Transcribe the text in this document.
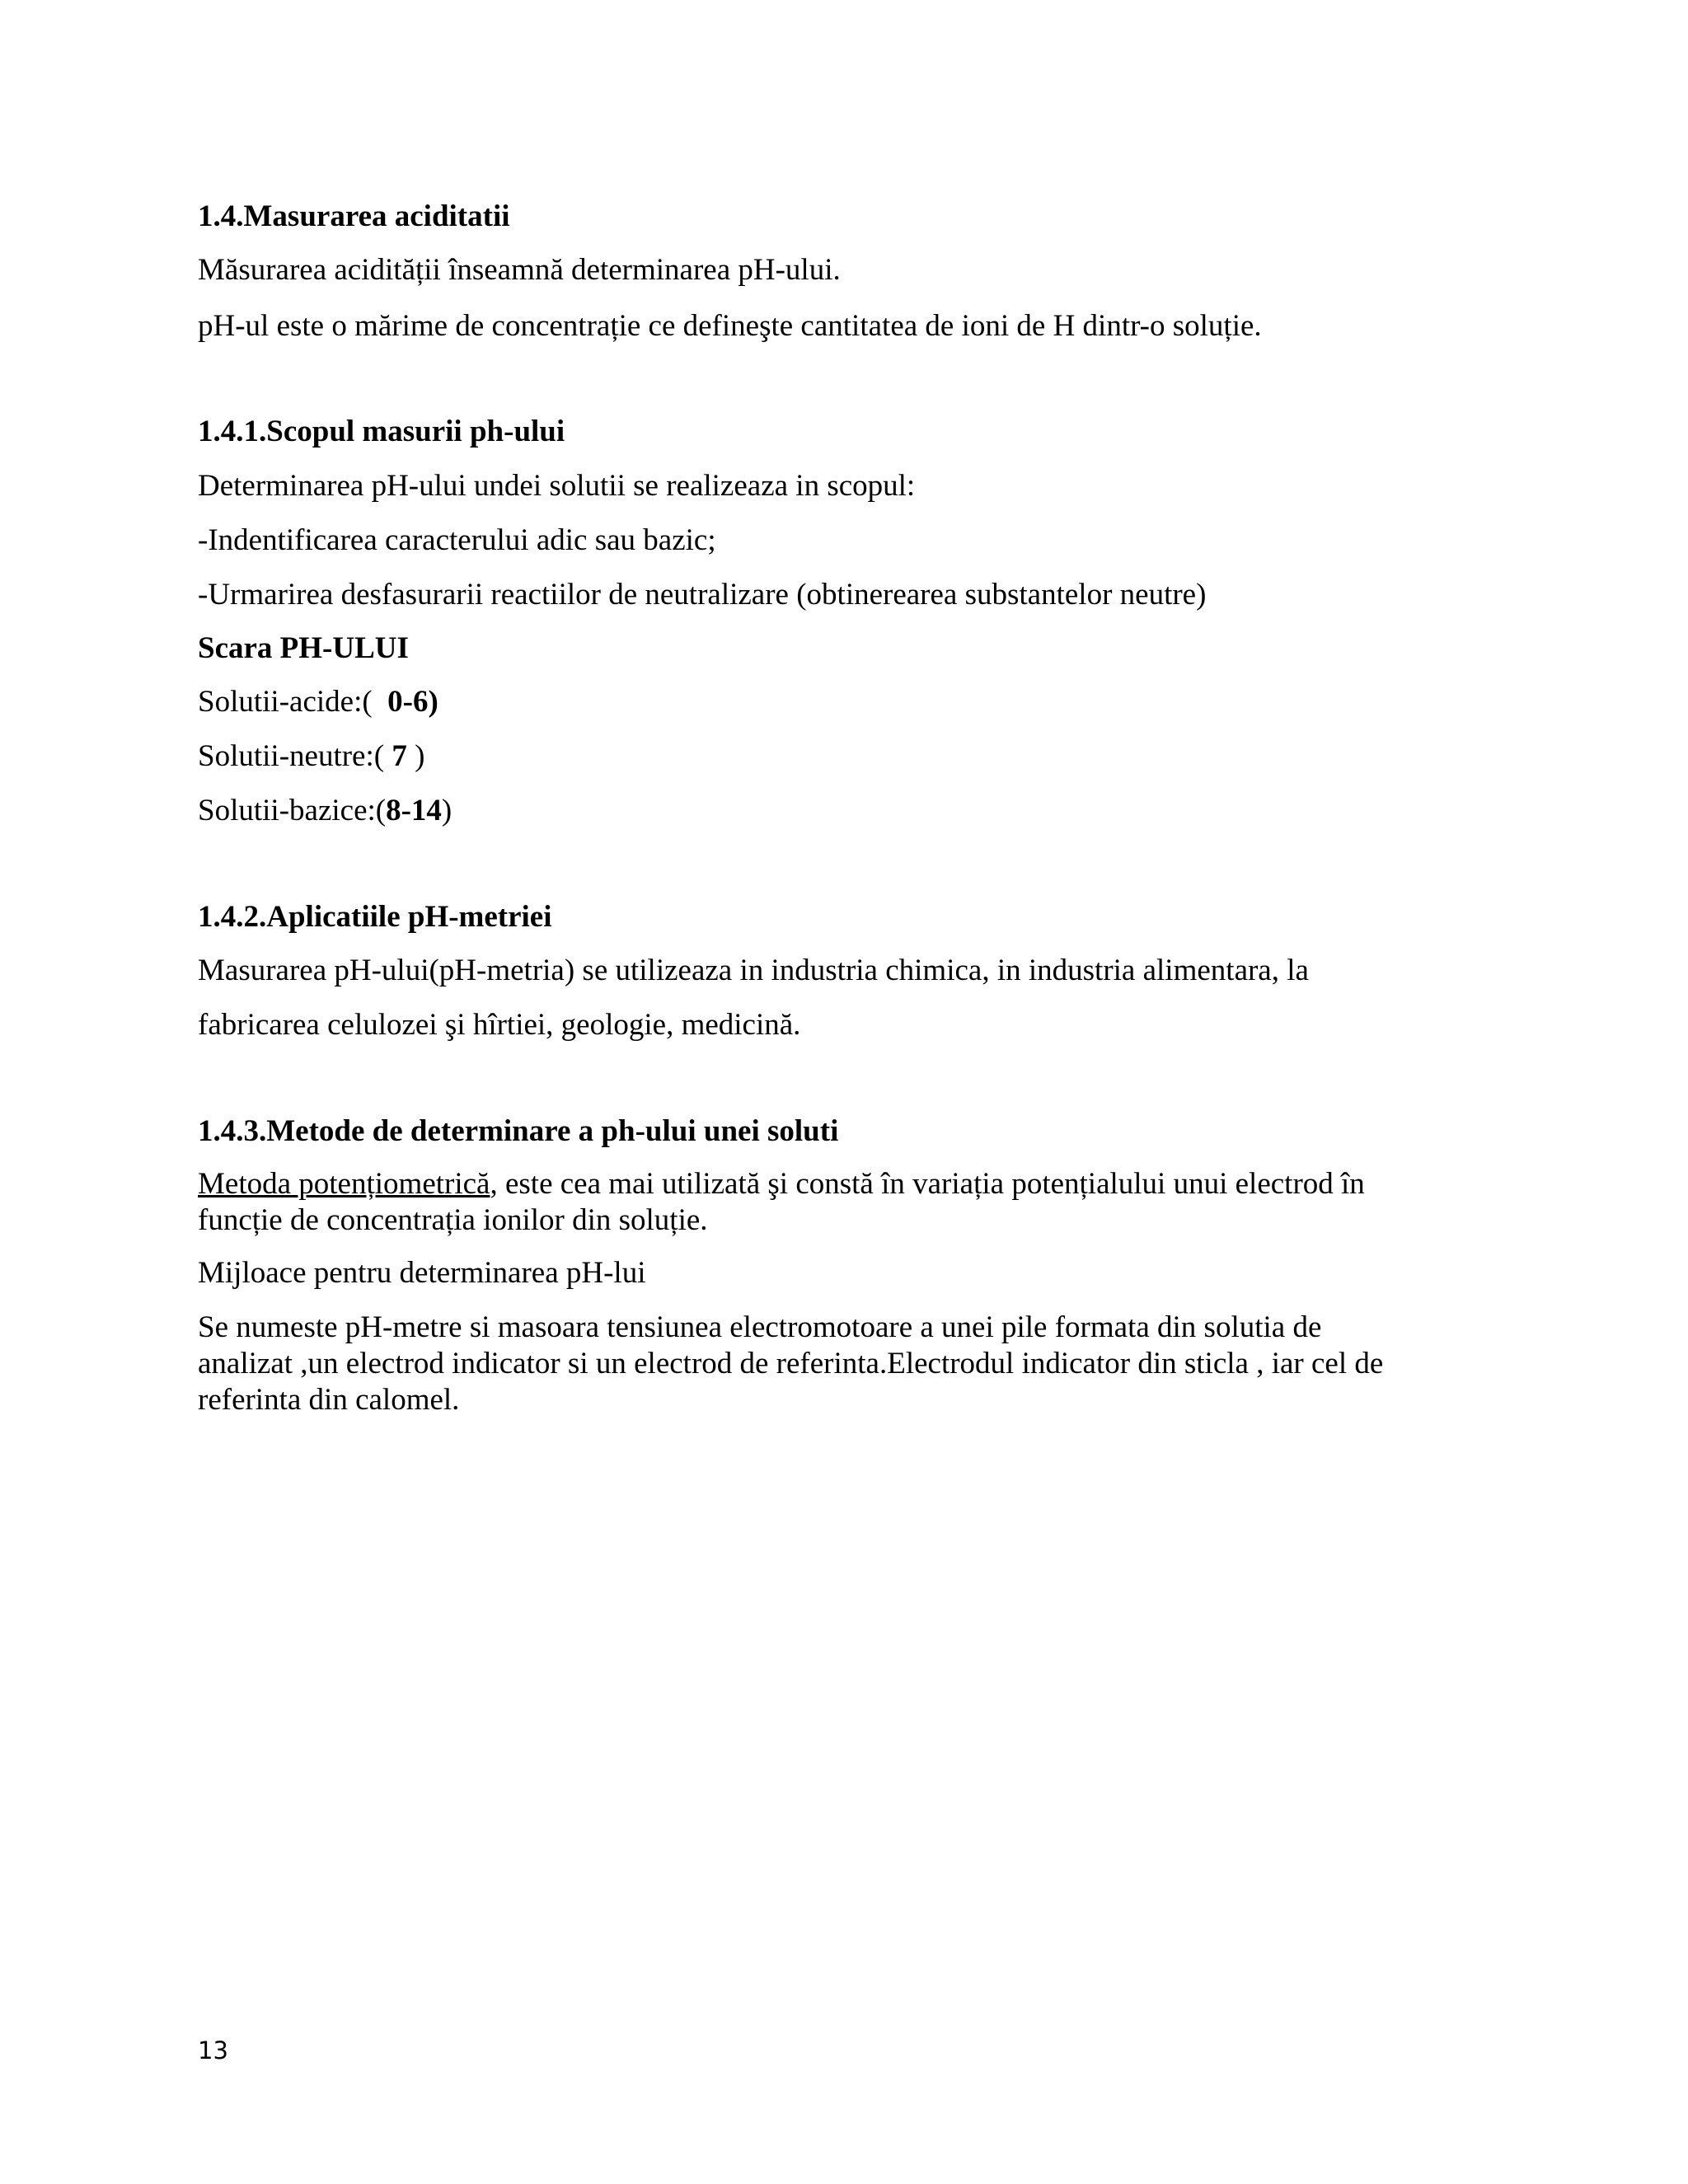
1.4.Masurarea aciditatii
Măsurarea acidității înseamnă determinarea pH-ului.
pH-ul este o mărime de concentrație ce defineşte cantitatea de ioni de H dintr-o soluție.
1.4.1.Scopul masurii ph-ului
Determinarea pH-ului undei solutii se realizeaza in scopul:
-Indentificarea caracterului adic sau bazic;
-Urmarirea desfasurarii reactiilor de neutralizare (obtinerearea substantelor neutre)
Scara PH-ULUI
Solutii-acide:( 0-6)
Solutii-neutre:( 7 )
Solutii-bazice:(8-14)
1.4.2.Aplicatiile pH-metriei
Masurarea pH-ului(pH-metria) se utilizeaza in industria chimica, in industria alimentara, la
fabricarea celulozei şi hîrtiei, geologie, medicină.
1.4.3.Metode de determinare a ph-ului unei soluti
Metoda potențiometrică, este cea mai utilizată şi constă în variația potențialului unui electrod în
funcție de concentrația ionilor din soluție.
Mijloace pentru determinarea pH-lui
Se numeste pH-metre si masoara tensiunea electromotoare a unei pile formata din solutia de
analizat ,un electrod indicator si un electrod de referinta.Electrodul indicator din sticla , iar cel de
referinta din calomel.
13
